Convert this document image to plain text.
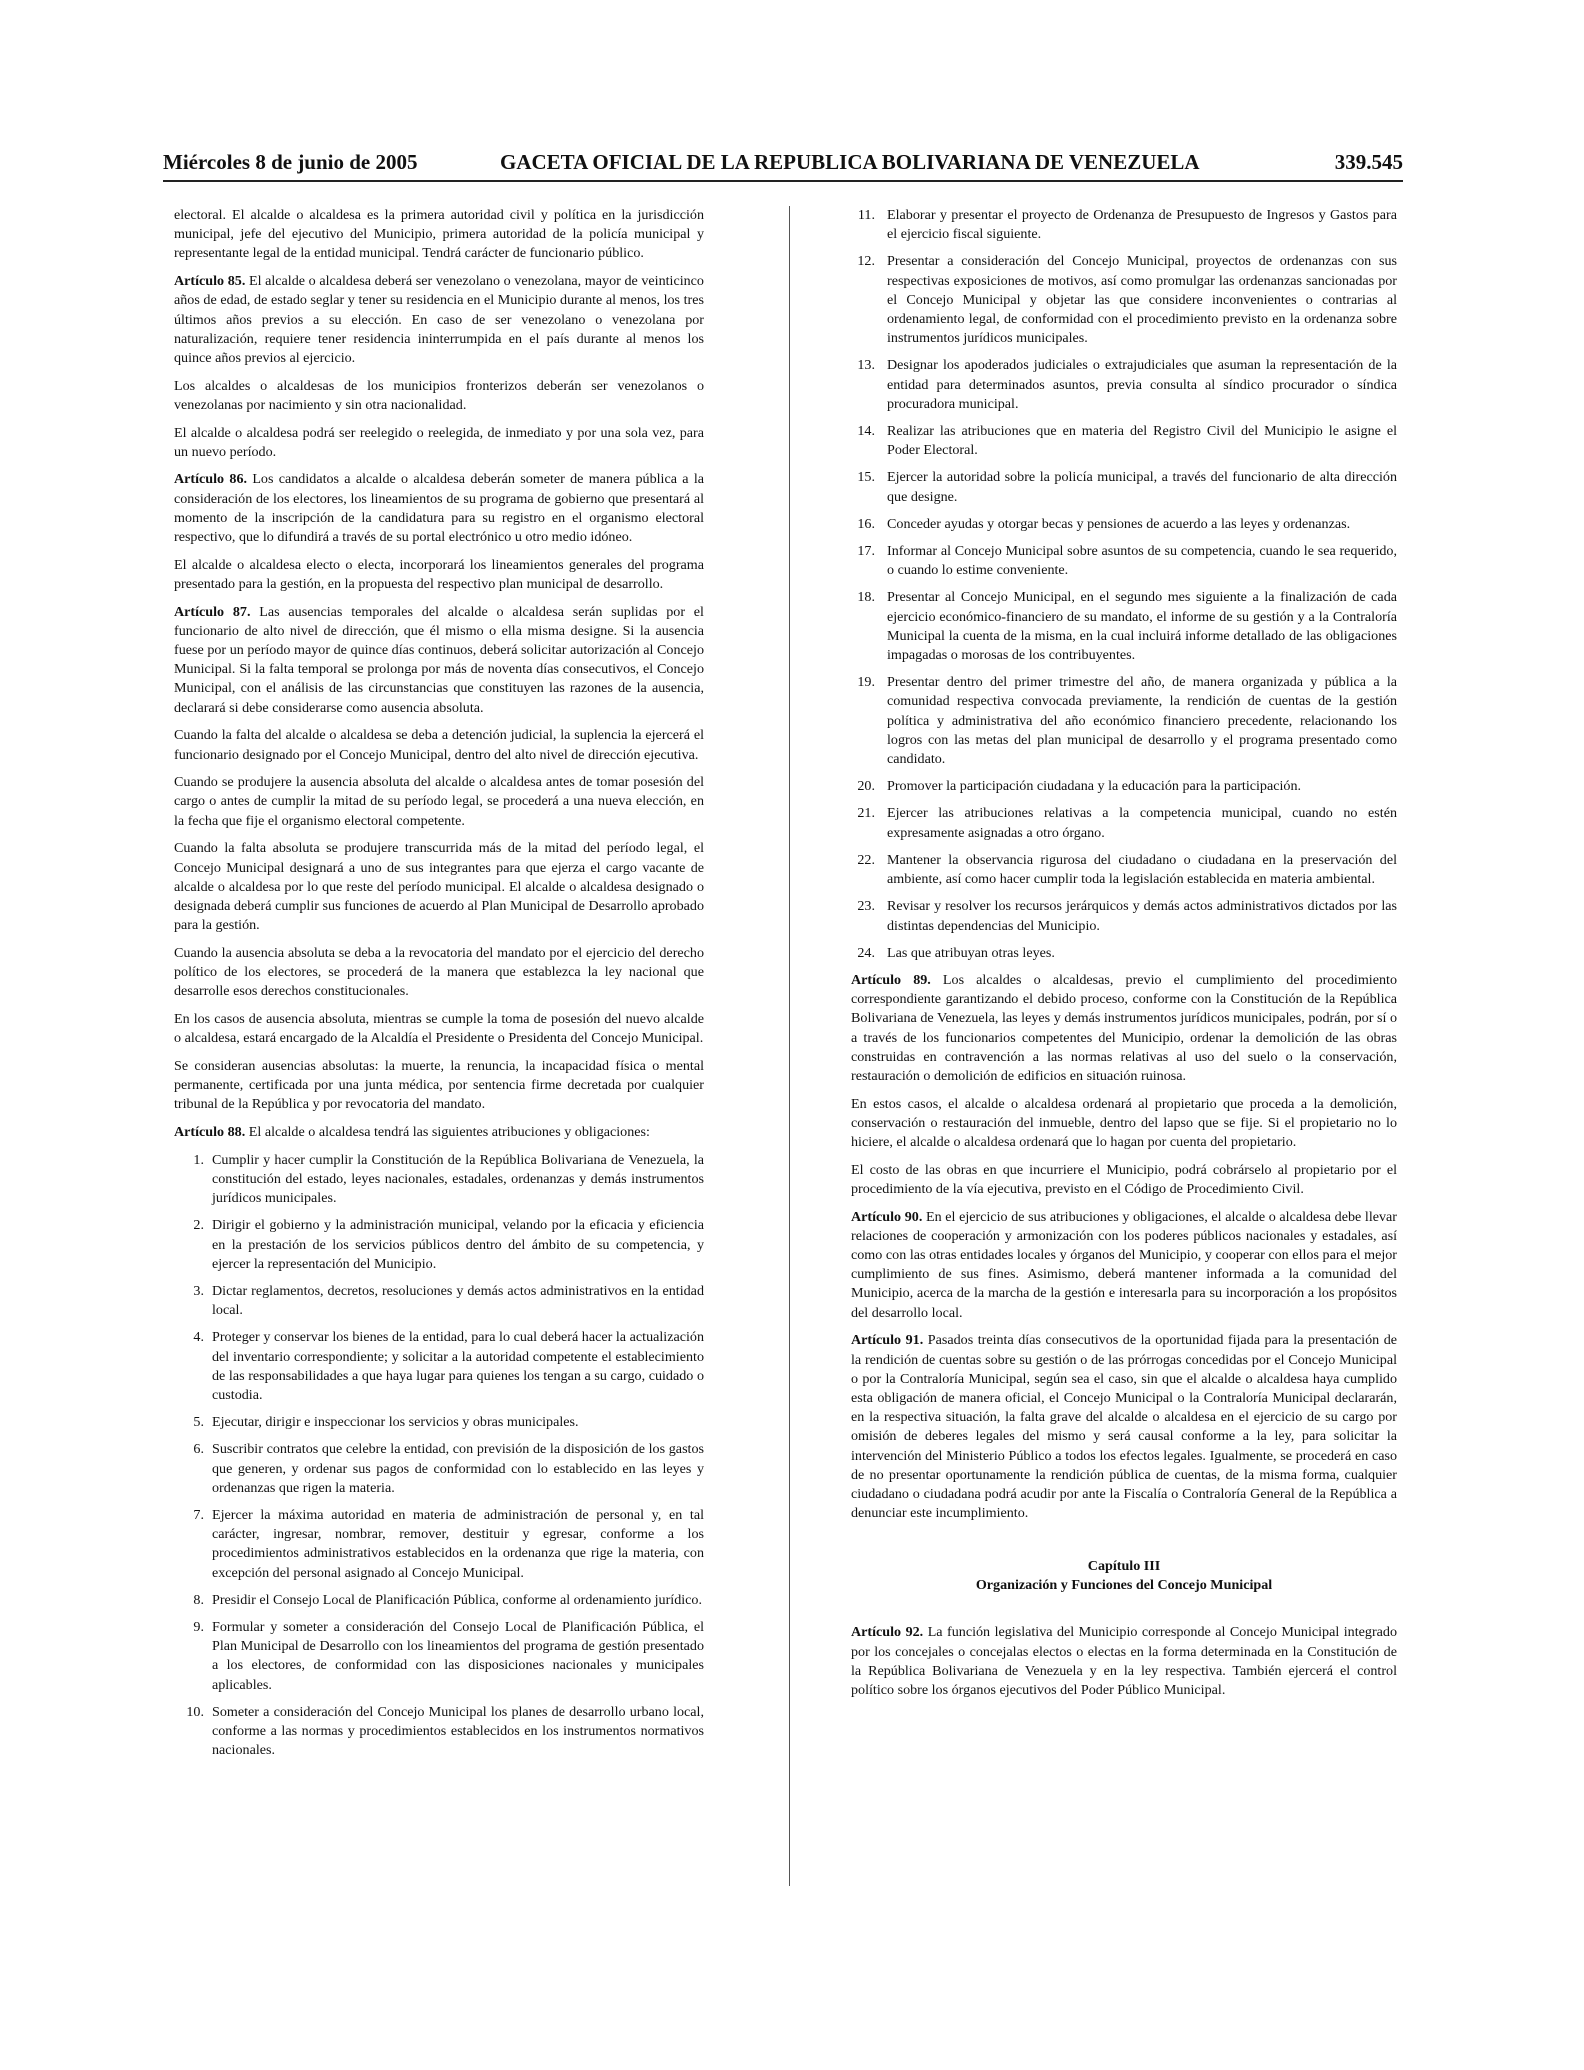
Miércoles 8 de junio de 2005	GACETA OFICIAL DE LA REPUBLICA BOLIVARIANA DE VENEZUELA	339.545

electoral. El alcalde o alcaldesa es la primera autoridad civil y política en la jurisdicción municipal, jefe del ejecutivo del Municipio, primera autoridad de la policía municipal y representante legal de la entidad municipal. Tendrá carácter de funcionario público.

Artículo 85. El alcalde o alcaldesa deberá ser venezolano o venezolana, mayor de veinticinco años de edad, de estado seglar y tener su residencia en el Municipio durante al menos, los tres últimos años previos a su elección. En caso de ser venezolano o venezolana por naturalización, requiere tener residencia ininterrumpida en el país durante al menos los quince años previos al ejercicio.

Los alcaldes o alcaldesas de los municipios fronterizos deberán ser venezolanos o venezolanas por nacimiento y sin otra nacionalidad.

El alcalde o alcaldesa podrá ser reelegido o reelegida, de inmediato y por una sola vez, para un nuevo período.

Artículo 86. Los candidatos a alcalde o alcaldesa deberán someter de manera pública a la consideración de los electores, los lineamientos de su programa de gobierno que presentará al momento de la inscripción de la candidatura para su registro en el organismo electoral respectivo, que lo difundirá a través de su portal electrónico u otro medio idóneo.

El alcalde o alcaldesa electo o electa, incorporará los lineamientos generales del programa presentado para la gestión, en la propuesta del respectivo plan municipal de desarrollo.

Artículo 87. Las ausencias temporales del alcalde o alcaldesa serán suplidas por el funcionario de alto nivel de dirección, que él mismo o ella misma designe. Si la ausencia fuese por un período mayor de quince días continuos, deberá solicitar autorización al Concejo Municipal. Si la falta temporal se prolonga por más de noventa días consecutivos, el Concejo Municipal, con el análisis de las circunstancias que constituyen las razones de la ausencia, declarará si debe considerarse como ausencia absoluta.

Cuando la falta del alcalde o alcaldesa se deba a detención judicial, la suplencia la ejercerá el funcionario designado por el Concejo Municipal, dentro del alto nivel de dirección ejecutiva.

Cuando se produjere la ausencia absoluta del alcalde o alcaldesa antes de tomar posesión del cargo o antes de cumplir la mitad de su período legal, se procederá a una nueva elección, en la fecha que fije el organismo electoral competente.

Cuando la falta absoluta se produjere transcurrida más de la mitad del período legal, el Concejo Municipal designará a uno de sus integrantes para que ejerza el cargo vacante de alcalde o alcaldesa por lo que reste del período municipal. El alcalde o alcaldesa designado o designada deberá cumplir sus funciones de acuerdo al Plan Municipal de Desarrollo aprobado para la gestión.

Cuando la ausencia absoluta se deba a la revocatoria del mandato por el ejercicio del derecho político de los electores, se procederá de la manera que establezca la ley nacional que desarrolle esos derechos constitucionales.

En los casos de ausencia absoluta, mientras se cumple la toma de posesión del nuevo alcalde o alcaldesa, estará encargado de la Alcaldía el Presidente o Presidenta del Concejo Municipal.

Se consideran ausencias absolutas: la muerte, la renuncia, la incapacidad física o mental permanente, certificada por una junta médica, por sentencia firme decretada por cualquier tribunal de la República y por revocatoria del mandato.

Artículo 88. El alcalde o alcaldesa tendrá las siguientes atribuciones y obligaciones:

1. Cumplir y hacer cumplir la Constitución de la República Bolivariana de Venezuela, la constitución del estado, leyes nacionales, estadales, ordenanzas y demás instrumentos jurídicos municipales.
2. Dirigir el gobierno y la administración municipal, velando por la eficacia y eficiencia en la prestación de los servicios públicos dentro del ámbito de su competencia, y ejercer la representación del Municipio.
3. Dictar reglamentos, decretos, resoluciones y demás actos administrativos en la entidad local.
4. Proteger y conservar los bienes de la entidad, para lo cual deberá hacer la actualización del inventario correspondiente; y solicitar a la autoridad competente el establecimiento de las responsabilidades a que haya lugar para quienes los tengan a su cargo, cuidado o custodia.
5. Ejecutar, dirigir e inspeccionar los servicios y obras municipales.
6. Suscribir contratos que celebre la entidad, con previsión de la disposición de los gastos que generen, y ordenar sus pagos de conformidad con lo establecido en las leyes y ordenanzas que rigen la materia.
7. Ejercer la máxima autoridad en materia de administración de personal y, en tal carácter, ingresar, nombrar, remover, destituir y egresar, conforme a los procedimientos administrativos establecidos en la ordenanza que rige la materia, con excepción del personal asignado al Concejo Municipal.
8. Presidir el Consejo Local de Planificación Pública, conforme al ordenamiento jurídico.
9. Formular y someter a consideración del Consejo Local de Planificación Pública, el Plan Municipal de Desarrollo con los lineamientos del programa de gestión presentado a los electores, de conformidad con las disposiciones nacionales y municipales aplicables.
10. Someter a consideración del Concejo Municipal los planes de desarrollo urbano local, conforme a las normas y procedimientos establecidos en los instrumentos normativos nacionales.
11. Elaborar y presentar el proyecto de Ordenanza de Presupuesto de Ingresos y Gastos para el ejercicio fiscal siguiente.
12. Presentar a consideración del Concejo Municipal, proyectos de ordenanzas con sus respectivas exposiciones de motivos, así como promulgar las ordenanzas sancionadas por el Concejo Municipal y objetar las que considere inconvenientes o contrarias al ordenamiento legal, de conformidad con el procedimiento previsto en la ordenanza sobre instrumentos jurídicos municipales.
13. Designar los apoderados judiciales o extrajudiciales que asuman la representación de la entidad para determinados asuntos, previa consulta al síndico procurador o síndica procuradora municipal.
14. Realizar las atribuciones que en materia del Registro Civil del Municipio le asigne el Poder Electoral.
15. Ejercer la autoridad sobre la policía municipal, a través del funcionario de alta dirección que designe.
16. Conceder ayudas y otorgar becas y pensiones de acuerdo a las leyes y ordenanzas.
17. Informar al Concejo Municipal sobre asuntos de su competencia, cuando le sea requerido, o cuando lo estime conveniente.
18. Presentar al Concejo Municipal, en el segundo mes siguiente a la finalización de cada ejercicio económico-financiero de su mandato, el informe de su gestión y a la Contraloría Municipal la cuenta de la misma, en la cual incluirá informe detallado de las obligaciones impagadas o morosas de los contribuyentes.
19. Presentar dentro del primer trimestre del año, de manera organizada y pública a la comunidad respectiva convocada previamente, la rendición de cuentas de la gestión política y administrativa del año económico financiero precedente, relacionando los logros con las metas del plan municipal de desarrollo y el programa presentado como candidato.
20. Promover la participación ciudadana y la educación para la participación.
21. Ejercer las atribuciones relativas a la competencia municipal, cuando no estén expresamente asignadas a otro órgano.
22. Mantener la observancia rigurosa del ciudadano o ciudadana en la preservación del ambiente, así como hacer cumplir toda la legislación establecida en materia ambiental.
23. Revisar y resolver los recursos jerárquicos y demás actos administrativos dictados por las distintas dependencias del Municipio.
24. Las que atribuyan otras leyes.

Artículo 89. Los alcaldes o alcaldesas, previo el cumplimiento del procedimiento correspondiente garantizando el debido proceso, conforme con la Constitución de la República Bolivariana de Venezuela, las leyes y demás instrumentos jurídicos municipales, podrán, por sí o a través de los funcionarios competentes del Municipio, ordenar la demolición de las obras construidas en contravención a las normas relativas al uso del suelo o la conservación, restauración o demolición de edificios en situación ruinosa.

En estos casos, el alcalde o alcaldesa ordenará al propietario que proceda a la demolición, conservación o restauración del inmueble, dentro del lapso que se fije. Si el propietario no lo hiciere, el alcalde o alcaldesa ordenará que lo hagan por cuenta del propietario.

El costo de las obras en que incurriere el Municipio, podrá cobrárselo al propietario por el procedimiento de la vía ejecutiva, previsto en el Código de Procedimiento Civil.

Artículo 90. En el ejercicio de sus atribuciones y obligaciones, el alcalde o alcaldesa debe llevar relaciones de cooperación y armonización con los poderes públicos nacionales y estadales, así como con las otras entidades locales y órganos del Municipio, y cooperar con ellos para el mejor cumplimiento de sus fines. Asimismo, deberá mantener informada a la comunidad del Municipio, acerca de la marcha de la gestión e interesarla para su incorporación a los propósitos del desarrollo local.

Artículo 91. Pasados treinta días consecutivos de la oportunidad fijada para la presentación de la rendición de cuentas sobre su gestión o de las prórrogas concedidas por el Concejo Municipal o por la Contraloría Municipal, según sea el caso, sin que el alcalde o alcaldesa haya cumplido esta obligación de manera oficial, el Concejo Municipal o la Contraloría Municipal declararán, en la respectiva situación, la falta grave del alcalde o alcaldesa en el ejercicio de su cargo por omisión de deberes legales del mismo y será causal conforme a la ley, para solicitar la intervención del Ministerio Público a todos los efectos legales. Igualmente, se procederá en caso de no presentar oportunamente la rendición pública de cuentas, de la misma forma, cualquier ciudadano o ciudadana podrá acudir por ante la Fiscalía o Contraloría General de la República a denunciar este incumplimiento.

Capítulo III
Organización y Funciones del Concejo Municipal

Artículo 92. La función legislativa del Municipio corresponde al Concejo Municipal integrado por los concejales o concejalas electos o electas en la forma determinada en la Constitución de la República Bolivariana de Venezuela y en la ley respectiva. También ejercerá el control político sobre los órganos ejecutivos del Poder Público Municipal.
